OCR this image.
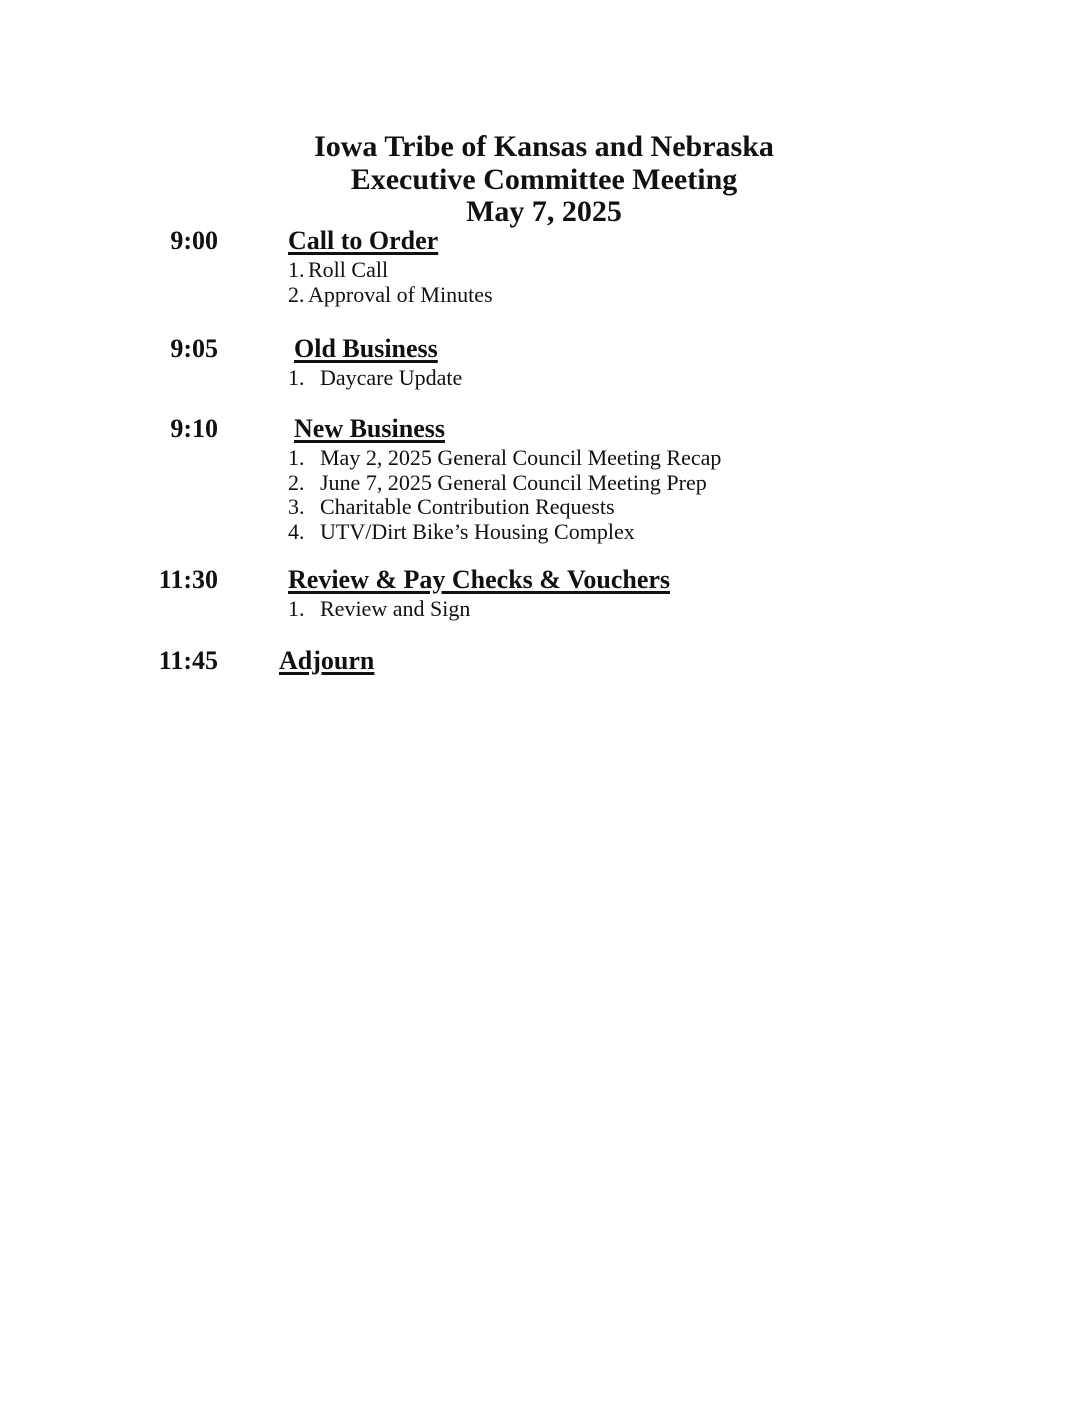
Iowa Tribe of Kansas and Nebraska
Executive Committee Meeting
May 7, 2025
9:00	Call to Order
1. Roll Call
2. Approval of Minutes
9:05	Old Business
1. Daycare Update
9:10	New Business
1. May 2, 2025 General Council Meeting Recap
2. June 7, 2025 General Council Meeting Prep
3. Charitable Contribution Requests
4. UTV/Dirt Bike’s Housing Complex
11:30	Review & Pay Checks & Vouchers
1. Review and Sign
11:45 Adjourn
